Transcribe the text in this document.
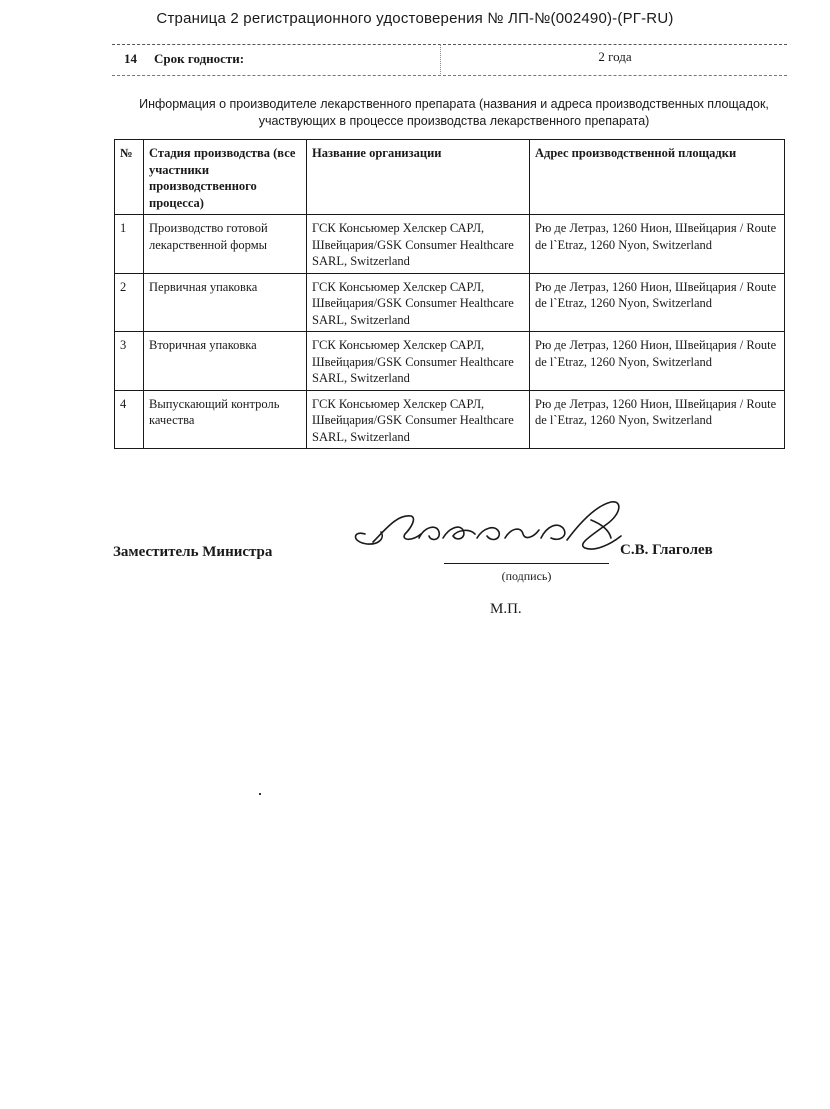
Страница 2 регистрационного удостоверения № ЛП-№(002490)-(РГ-RU)
14 Срок годности:	2 года
Информация о производителе лекарственного препарата (названия и адреса производственных площадок, участвующих в процессе производства лекарственного препарата)
№	Стадия производства (все участники производственного процесса)	Название организации	Адрес производственной площадки
1	Производство готовой лекарственной формы	ГСК Консьюмер Хелскер САРЛ, Швейцария/GSK Consumer Healthcare SARL, Switzerland	Рю де Летраз, 1260 Нион, Швейцария / Route de l`Etraz, 1260 Nyon, Switzerland
2	Первичная упаковка	ГСК Консьюмер Хелскер САРЛ, Швейцария/GSK Consumer Healthcare SARL, Switzerland	Рю де Летраз, 1260 Нион, Швейцария / Route de l`Etraz, 1260 Nyon, Switzerland
3	Вторичная упаковка	ГСК Консьюмер Хелскер САРЛ, Швейцария/GSK Consumer Healthcare SARL, Switzerland	Рю де Летраз, 1260 Нион, Швейцария / Route de l`Etraz, 1260 Nyon, Switzerland
4	Выпускающий контроль качества	ГСК Консьюмер Хелскер САРЛ, Швейцария/GSK Consumer Healthcare SARL, Switzerland	Рю де Летраз, 1260 Нион, Швейцария / Route de l`Etraz, 1260 Nyon, Switzerland
Заместитель Министра	С.В. Глаголев
(подпись)
М.П.
